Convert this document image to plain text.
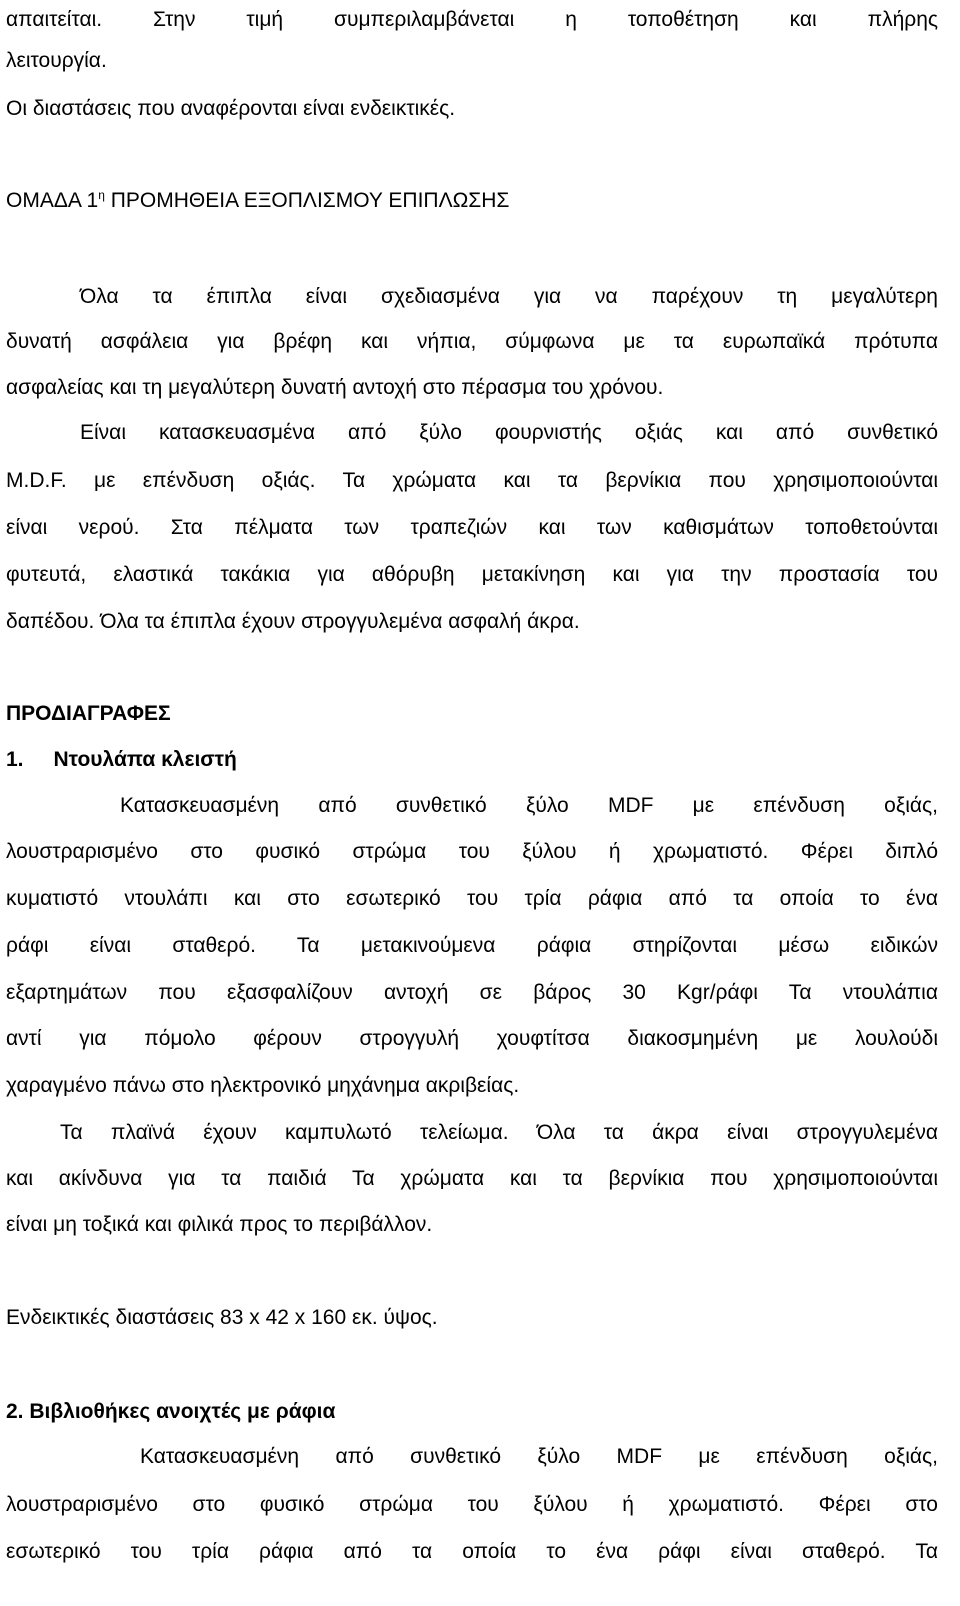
απαιτείται. Στην τιμή συμπεριλαμβάνεται η τοποθέτηση και πλήρης
λειτουργία.
Οι διαστάσεις που αναφέρονται είναι ενδεικτικές.
ΟΜΑΔΑ $1^\eta$ ΠΡΟΜΗΘΕΙΑ ΕΞΟΠΛΙΣΜΟΥ ΕΠΙΠΛΩΣΗΣ
Όλα τα έπιπλα είναι σχεδιασμένα για να παρέχουν τη μεγαλύτερη
δυνατή ασφάλεια για βρέφη και νήπια, σύμφωνα με τα ευρωπαϊκά πρότυπα
ασφαλείας και τη μεγαλύτερη δυνατή αντοχή στο πέρασμα του χρόνου.
Είναι κατασκευασμένα από ξύλο φουρνιστής οξιάς και από συνθετικό
M.D.F. με επένδυση οξιάς. Τα χρώματα και τα βερνίκια που χρησιμοποιούνται
είναι νερού. Στα πέλματα των τραπεζιών και των καθισμάτων τοποθετούνται
φυτευτά, ελαστικά τακάκια για αθόρυβη μετακίνηση και για την προστασία του
δαπέδου. Όλα τα έπιπλα έχουν στρογγυλεμένα ασφαλή άκρα.
ΠΡΟΔΙΑΓΡΑΦΕΣ
1. Ντουλάπα κλειστή
Κατασκευασμένη από συνθετικό ξύλο MDF με επένδυση οξιάς,
λουστραρισμένο στο φυσικό στρώμα του ξύλου ή χρωματιστό. Φέρει διπλό
κυματιστό ντουλάπι και στο εσωτερικό του τρία ράφια από τα οποία το ένα
ράφι είναι σταθερό. Τα μετακινούμενα ράφια στηρίζονται μέσω ειδικών
εξαρτημάτων που εξασφαλίζουν αντοχή σε βάρος 30 Kgr/ράφι Τα ντουλάπια
αντί για πόμολο φέρουν στρογγυλή χουφτίτσα διακοσμημένη με λουλούδι
χαραγμένο πάνω στο ηλεκτρονικό μηχάνημα ακριβείας.
Τα πλαϊνά έχουν καμπυλωτό τελείωμα. Όλα τα άκρα είναι στρογγυλεμένα
και ακίνδυνα για τα παιδιά Τα χρώματα και τα βερνίκια που χρησιμοποιούνται
είναι μη τοξικά και φιλικά προς το περιβάλλον.
Ενδεικτικές διαστάσεις 83 x 42 x 160 εκ. ύψος.
2. Βιβλιοθήκες ανοιχτές με ράφια
Κατασκευασμένη από συνθετικό ξύλο MDF με επένδυση οξιάς,
λουστραρισμένο στο φυσικό στρώμα του ξύλου ή χρωματιστό. Φέρει στο
εσωτερικό του τρία ράφια από τα οποία το ένα ράφι είναι σταθερό. Τα
